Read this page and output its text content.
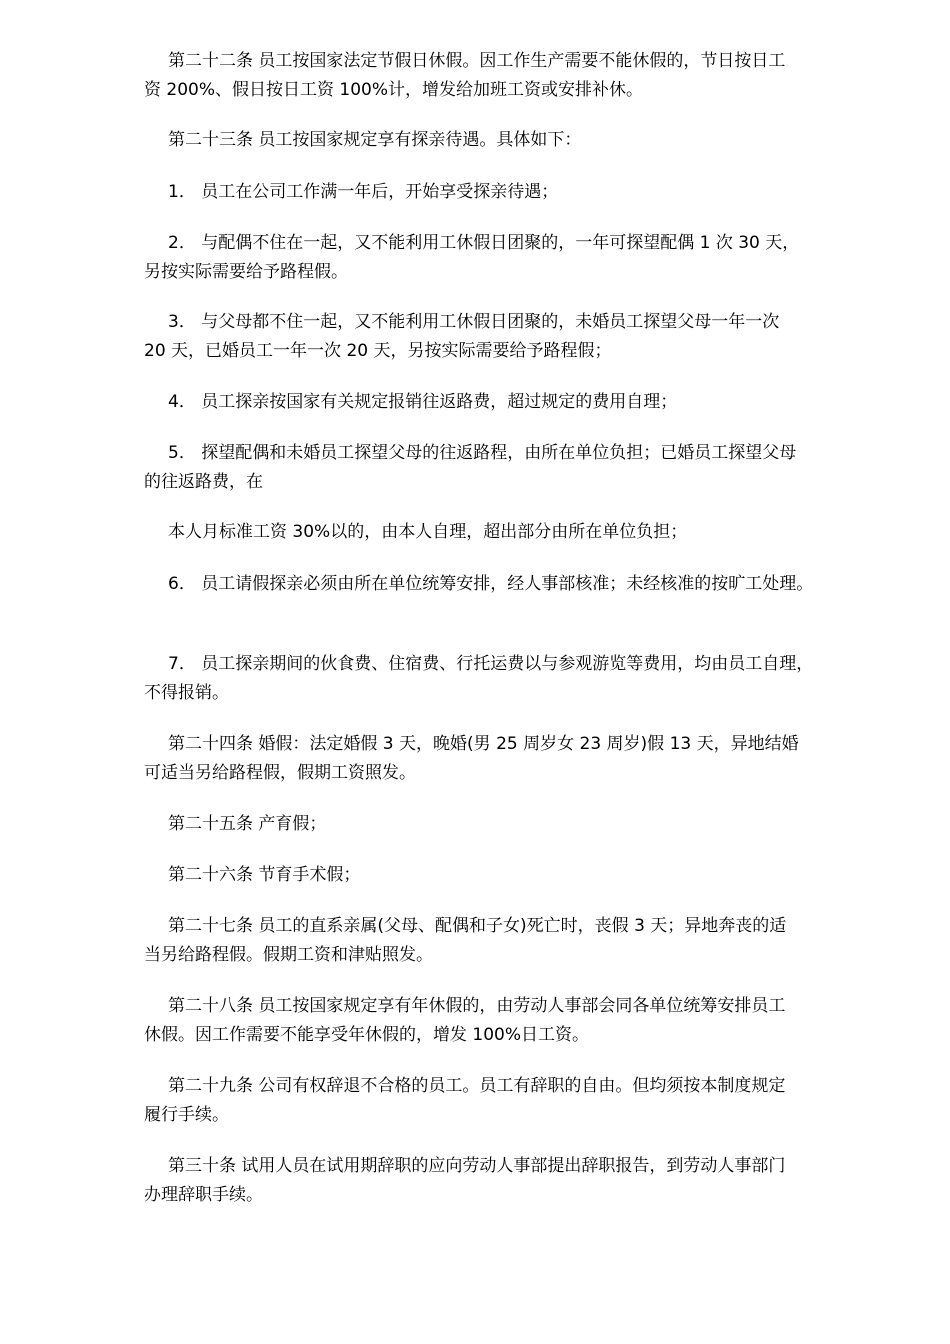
第二十二条 员工按国家法定节假日休假。因工作生产需要不能休假的，节日按日工
资 200%、假日按日工资 100%计，增发给加班工资或安排补休。
第二十三条 员工按国家规定享有探亲待遇。具体如下：
1． 员工在公司工作满一年后，开始享受探亲待遇；
2． 与配偶不住在一起，又不能利用工休假日团聚的，一年可探望配偶 1 次 30 天，
另按实际需要给予路程假。
3． 与父母都不住一起，又不能利用工休假日团聚的，未婚员工探望父母一年一次
20 天，已婚员工一年一次 20 天，另按实际需要给予路程假；
4． 员工探亲按国家有关规定报销往返路费，超过规定的费用自理；
5． 探望配偶和未婚员工探望父母的往返路程，由所在单位负担；已婚员工探望父母
的往返路费，在
本人月标准工资 30%以的，由本人自理，超出部分由所在单位负担；
6． 员工请假探亲必须由所在单位统筹安排，经人事部核准；未经核准的按旷工处理。
7． 员工探亲期间的伙食费、住宿费、行托运费以与参观游览等费用，均由员工自理，
不得报销。
第二十四条 婚假：法定婚假 3 天，晚婚(男 25 周岁女 23 周岁)假 13 天，异地结婚
可适当另给路程假，假期工资照发。
第二十五条 产育假；
第二十六条 节育手术假；
第二十七条 员工的直系亲属(父母、配偶和子女)死亡时，丧假 3 天；异地奔丧的适
当另给路程假。假期工资和津贴照发。
第二十八条 员工按国家规定享有年休假的，由劳动人事部会同各单位统筹安排员工
休假。因工作需要不能享受年休假的，增发 100%日工资。
第二十九条 公司有权辞退不合格的员工。员工有辞职的自由。但均须按本制度规定
履行手续。
第三十条 试用人员在试用期辞职的应向劳动人事部提出辞职报告，到劳动人事部门
办理辞职手续。
